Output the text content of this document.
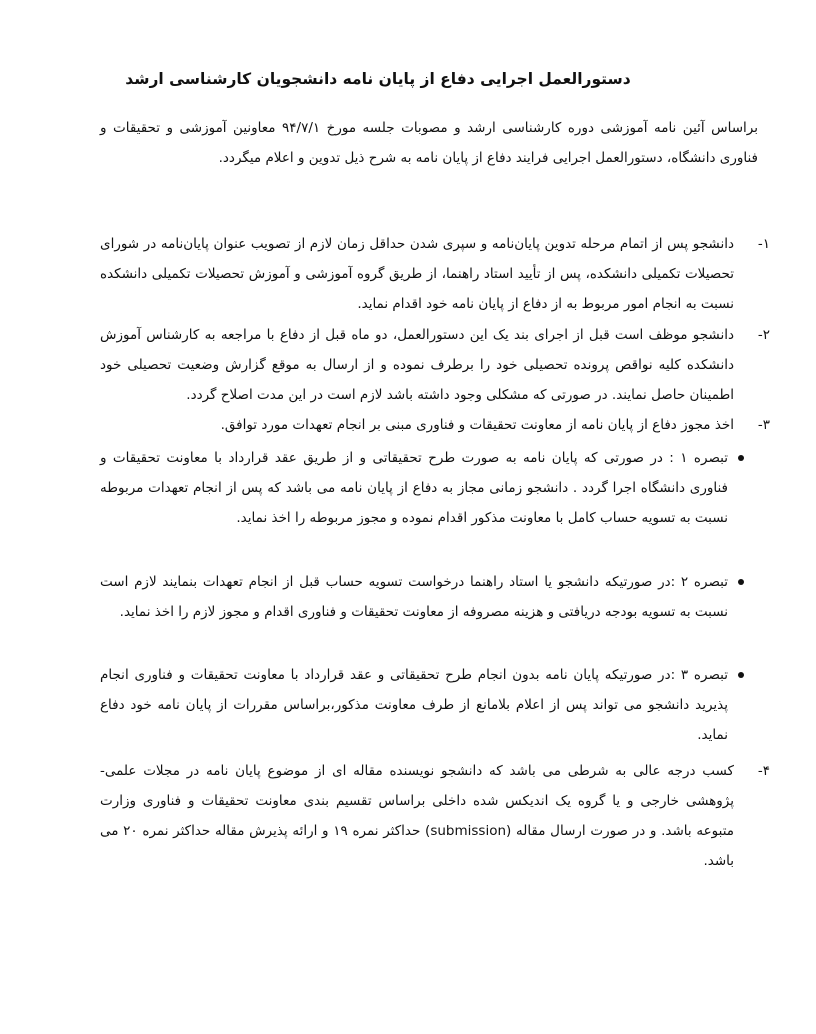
دستورالعمل اجرایی دفاع از پایان نامه دانشجویان کارشناسی ارشد
براساس آئین نامه آموزشی دوره کارشناسی ارشد و مصوبات جلسه مورخ ۹۴/۷/۱ معاونین آموزشی و تحقیقات و فناوری دانشگاه، دستورالعمل اجرایی فرایند دفاع از پایان نامه به شرح ذیل تدوین و اعلام میگردد.
۱-
دانشجو پس از اتمام مرحله تدوین پایان‌نامه و سپری شدن حداقل زمان لازم از تصویب عنوان پایان‌نامه در شورای تحصیلات تکمیلی دانشکده، پس از تأیید استاد راهنما، از طریق گروه آموزشی و آموزش تحصیلات تکمیلی دانشکده نسبت به انجام امور مربوط به از دفاع از پایان نامه خود اقدام نماید.
۲-
دانشجو موظف است قبل از اجرای بند یک این دستورالعمل، دو ماه قبل از دفاع با مراجعه به کارشناس آموزش دانشکده کلیه نواقص پرونده تحصیلی خود را برطرف نموده و از ارسال به موقع گزارش وضعیت تحصیلی خود اطمینان حاصل نمایند. در صورتی که مشکلی وجود داشته باشد لازم است در این مدت اصلاح گردد.
۳-
اخذ مجوز دفاع از پایان نامه از معاونت تحقیقات و فناوری مبنی بر انجام تعهدات مورد توافق.
تبصره ۱ : در صورتی که پایان نامه به صورت طرح تحقیقاتی و از طریق عقد قرارداد با معاونت تحقیقات و فناوری دانشگاه اجرا گردد . دانشجو زمانی مجاز به دفاع از پایان نامه می باشد که پس از انجام تعهدات مربوطه نسبت به تسویه حساب کامل با معاونت مذکور اقدام نموده و مجوز مربوطه را اخذ نماید.
تبصره ۲ :در صورتیکه دانشجو یا استاد راهنما درخواست تسویه حساب قبل از انجام تعهدات بنمایند لازم است نسبت به تسویه بودجه دریافتی و هزینه مصروفه از معاونت تحقیقات و فناوری اقدام و مجوز لازم را اخذ نماید.
تبصره ۳ :در صورتیکه پایان نامه بدون انجام طرح تحقیقاتی و عقد قرارداد با معاونت تحقیقات و فناوری انجام پذیرید دانشجو می تواند پس از اعلام بلامانع از طرف معاونت مذکور،براساس مقررات از پایان نامه خود دفاع نماید.
۴-
کسب درجه عالی به شرطی می باشد که دانشجو نویسنده مقاله ای از موضوع پایان نامه در مجلات علمی- پژوهشی خارجی و یا گروه یک اندیکس شده داخلی براساس تقسیم بندی معاونت تحقیقات و فناوری وزارت متبوعه باشد. و در صورت ارسال مقاله (submission) حداکثر نمره ۱۹ و ارائه پذیرش مقاله حداکثر نمره ۲۰ می باشد.
